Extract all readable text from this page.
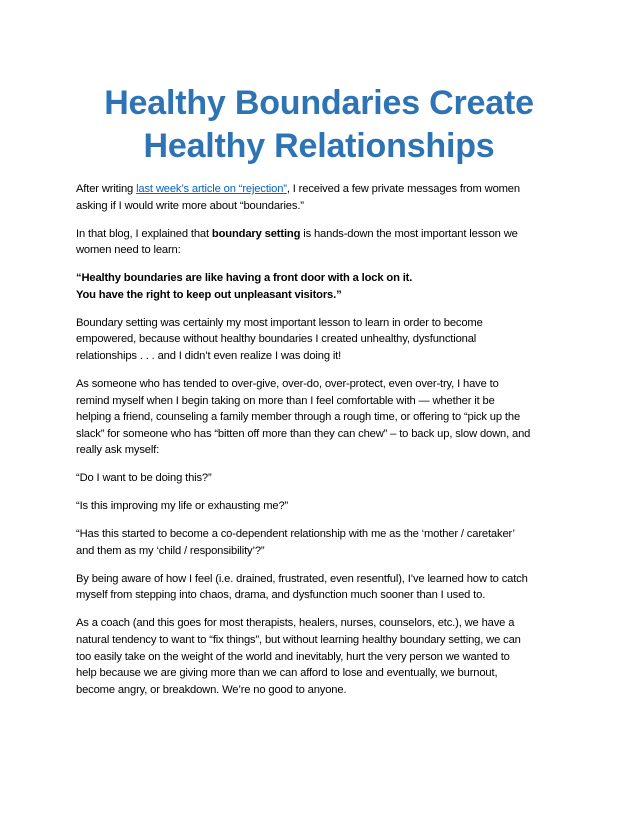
Healthy Boundaries Create
Healthy Relationships

After writing last week’s article on “rejection”, I received a few private messages from women
asking if I would write more about “boundaries.”

In that blog, I explained that boundary setting is hands-down the most important lesson we
women need to learn:

“Healthy boundaries are like having a front door with a lock on it.
You have the right to keep out unpleasant visitors.”

Boundary setting was certainly my most important lesson to learn in order to become
empowered, because without healthy boundaries I created unhealthy, dysfunctional
relationships . . . and I didn’t even realize I was doing it!

As someone who has tended to over-give, over-do, over-protect, even over-try, I have to
remind myself when I begin taking on more than I feel comfortable with — whether it be
helping a friend, counseling a family member through a rough time, or offering to “pick up the
slack” for someone who has “bitten off more than they can chew” – to back up, slow down, and
really ask myself:

“Do I want to be doing this?”

“Is this improving my life or exhausting me?”

“Has this started to become a co-dependent relationship with me as the ‘mother / caretaker’
and them as my ‘child / responsibility’?”

By being aware of how I feel (i.e. drained, frustrated, even resentful), I’ve learned how to catch
myself from stepping into chaos, drama, and dysfunction much sooner than I used to.

As a coach (and this goes for most therapists, healers, nurses, counselors, etc.), we have a
natural tendency to want to “fix things”, but without learning healthy boundary setting, we can
too easily take on the weight of the world and inevitably, hurt the very person we wanted to
help because we are giving more than we can afford to lose and eventually, we burnout,
become angry, or breakdown. We’re no good to anyone.
